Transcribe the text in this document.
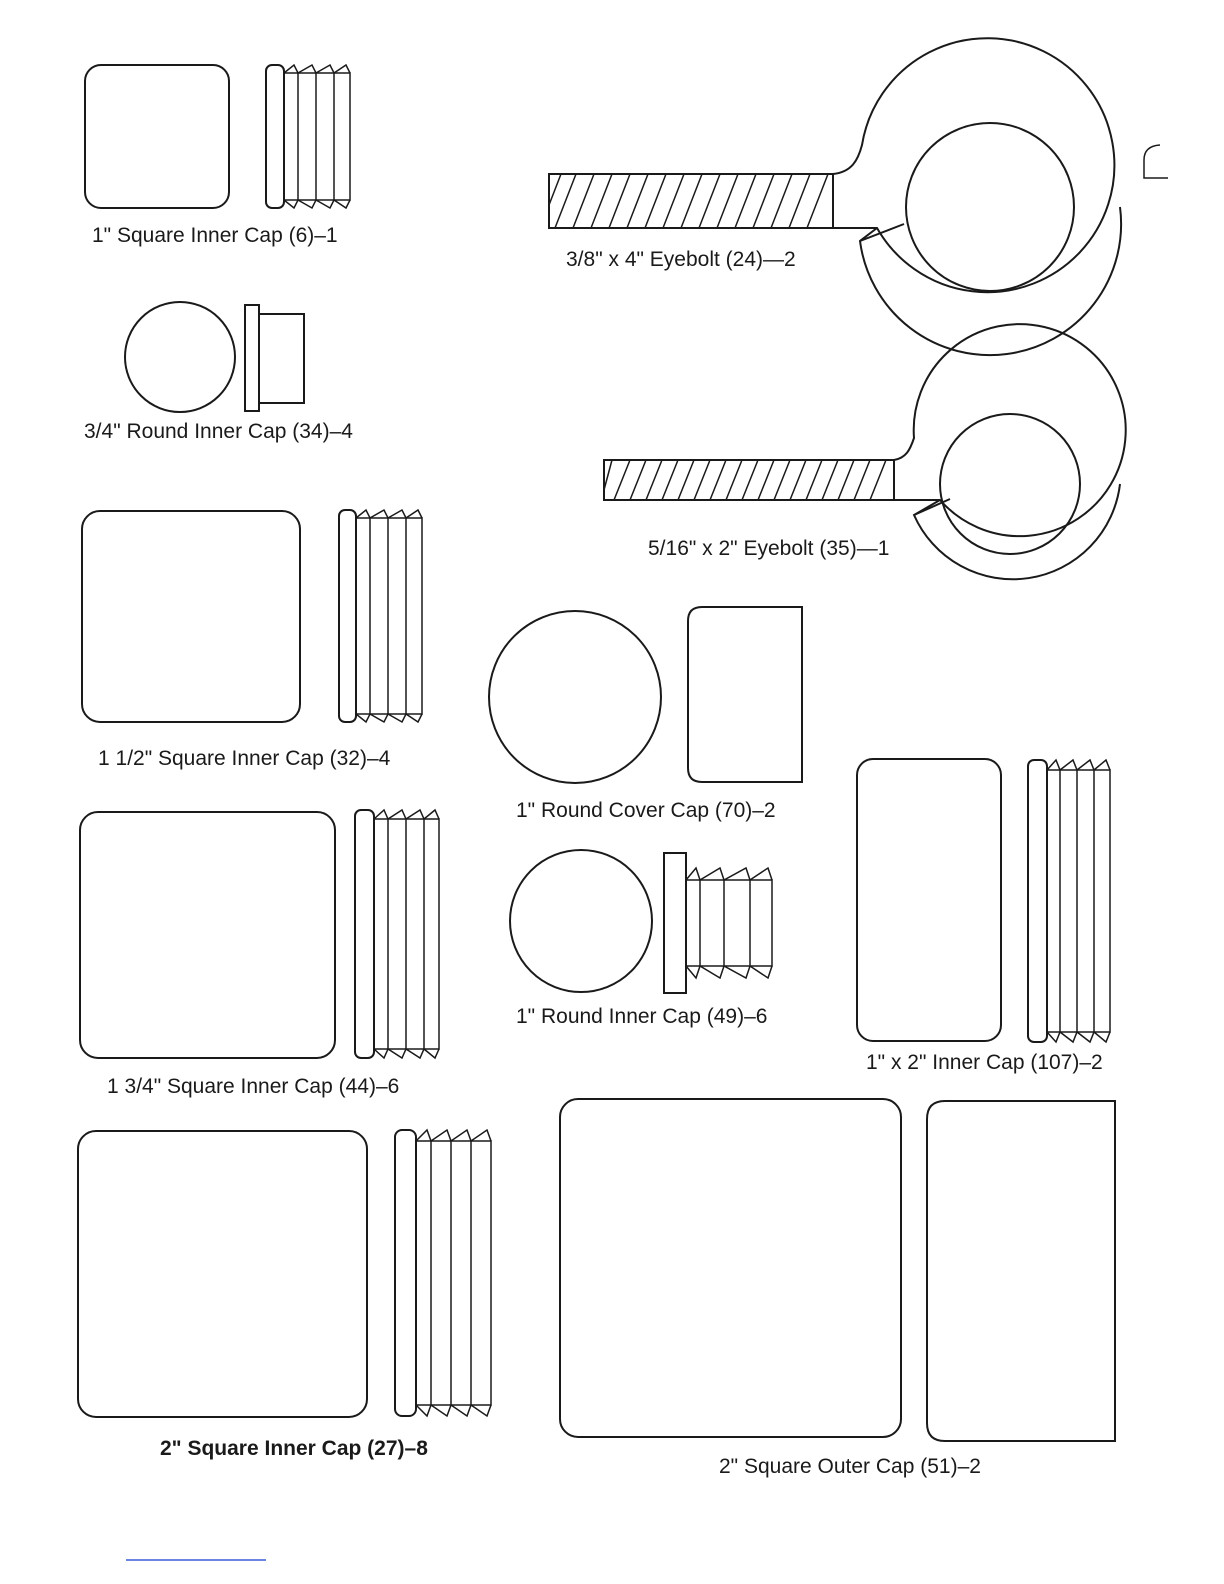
1" Square Inner Cap (6)–1
3/8" x 4" Eyebolt (24)—2
3/4" Round Inner Cap (34)–4
5/16" x 2" Eyebolt (35)—1
1 1/2" Square Inner Cap (32)–4
1" Round Cover Cap (70)–2
1 3/4" Square Inner Cap (44)–6
1" Round Inner Cap (49)–6
1" x 2" Inner Cap (107)–2
2" Square Inner Cap (27)–8
2" Square Outer Cap (51)–2
